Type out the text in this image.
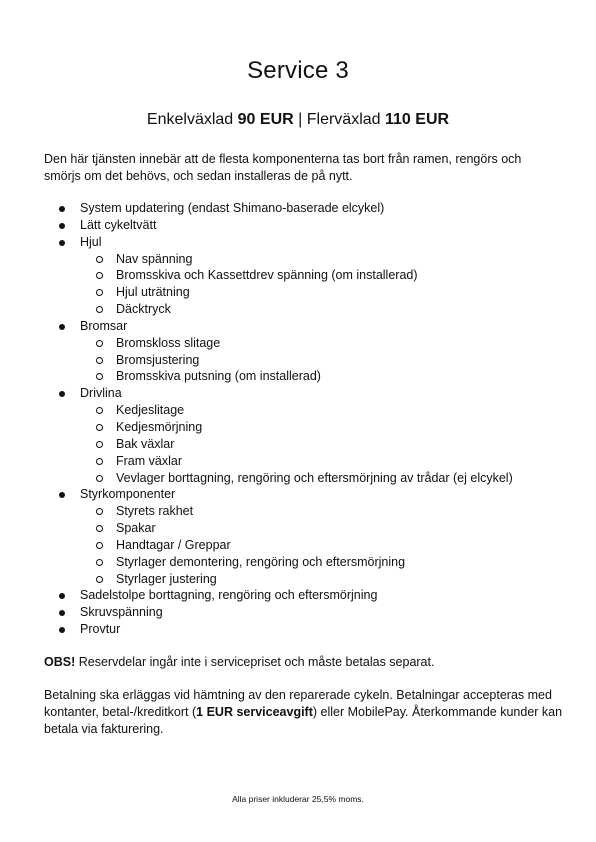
Service 3

Enkelväxlad 90 EUR | Flerväxlad 110 EUR

Den här tjänsten innebär att de flesta komponenterna tas bort från ramen, rengörs och smörjs om det behövs, och sedan installeras de på nytt.

System updatering (endast Shimano-baserade elcykel)
Lätt cykeltvätt
Hjul
Nav spänning
Bromsskiva och Kassettdrev spänning (om installerad)
Hjul uträtning
Däcktryck
Bromsar
Bromskloss slitage
Bromsjustering
Bromsskiva putsning (om installerad)
Drivlina
Kedjeslitage
Kedjesmörjning
Bak växlar
Fram växlar
Vevlager borttagning, rengöring och eftersmörjning av trådar (ej elcykel)
Styrkomponenter
Styrets rakhet
Spakar
Handtagar / Greppar
Styrlager demontering, rengöring och eftersmörjning
Styrlager justering
Sadelstolpe borttagning, rengöring och eftersmörjning
Skruvspänning
Provtur

OBS! Reservdelar ingår inte i servicepriset och måste betalas separat.

Betalning ska erläggas vid hämtning av den reparerade cykeln. Betalningar accepteras med kontanter, betal-/kreditkort (1 EUR serviceavgift) eller MobilePay. Återkommande kunder kan betala via fakturering.

Alla priser inkluderar 25,5% moms.
